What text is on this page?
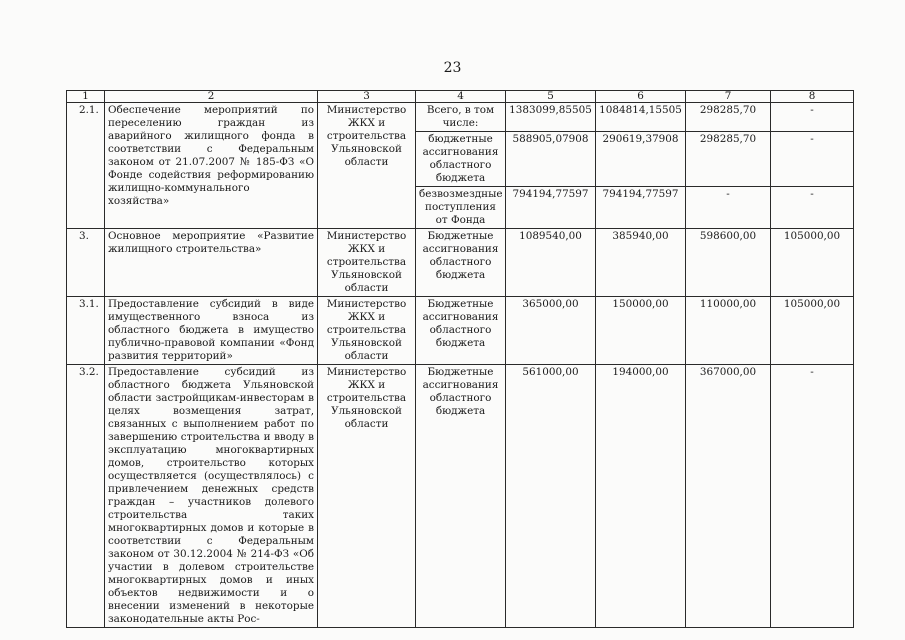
23
1	2	3	4	5	6	7	8
2.1.	Обеспечение мероприятий по переселению граждан из аварийного жилищного фонда в соответствии с Федеральным законом от 21.07.2007 № 185-ФЗ «О Фонде содействия реформированию жилищно-коммунального хозяйства»	Министерство ЖКХ и строительства Ульяновской области	Всего, в том числе:	1383099,85505	1084814,15505	298285,70	-
			бюджетные ассигнования областного бюджета	588905,07908	290619,37908	298285,70	-
			безвозмездные поступления от Фонда	794194,77597	794194,77597	-	-
3.	Основное мероприятие «Развитие жилищного строительства»	Министерство ЖКХ и строительства Ульяновской области	Бюджетные ассигнования областного бюджета	1089540,00	385940,00	598600,00	105000,00
3.1.	Предоставление субсидий в виде имущественного взноса из областного бюджета в имущество публично-правовой компании «Фонд развития территорий»	Министерство ЖКХ и строительства Ульяновской области	Бюджетные ассигнования областного бюджета	365000,00	150000,00	110000,00	105000,00
3.2.	Предоставление субсидий из областного бюджета Ульяновской области застройщикам-инвесторам в целях возмещения затрат, связанных с выполнением работ по завершению строительства и вводу в эксплуатацию многоквартирных домов, строительство которых осуществляется (осуществлялось) с привлечением денежных средств граждан – участников долевого строительства таких многоквартирных домов и которые в соответствии с Федеральным законом от 30.12.2004 № 214-ФЗ «Об участии в долевом строительстве многоквартирных домов и иных объектов недвижимости и о внесении изменений в некоторые законодательные акты Рос-	Министерство ЖКХ и строительства Ульяновской области	Бюджетные ассигнования областного бюджета	561000,00	194000,00	367000,00	-
